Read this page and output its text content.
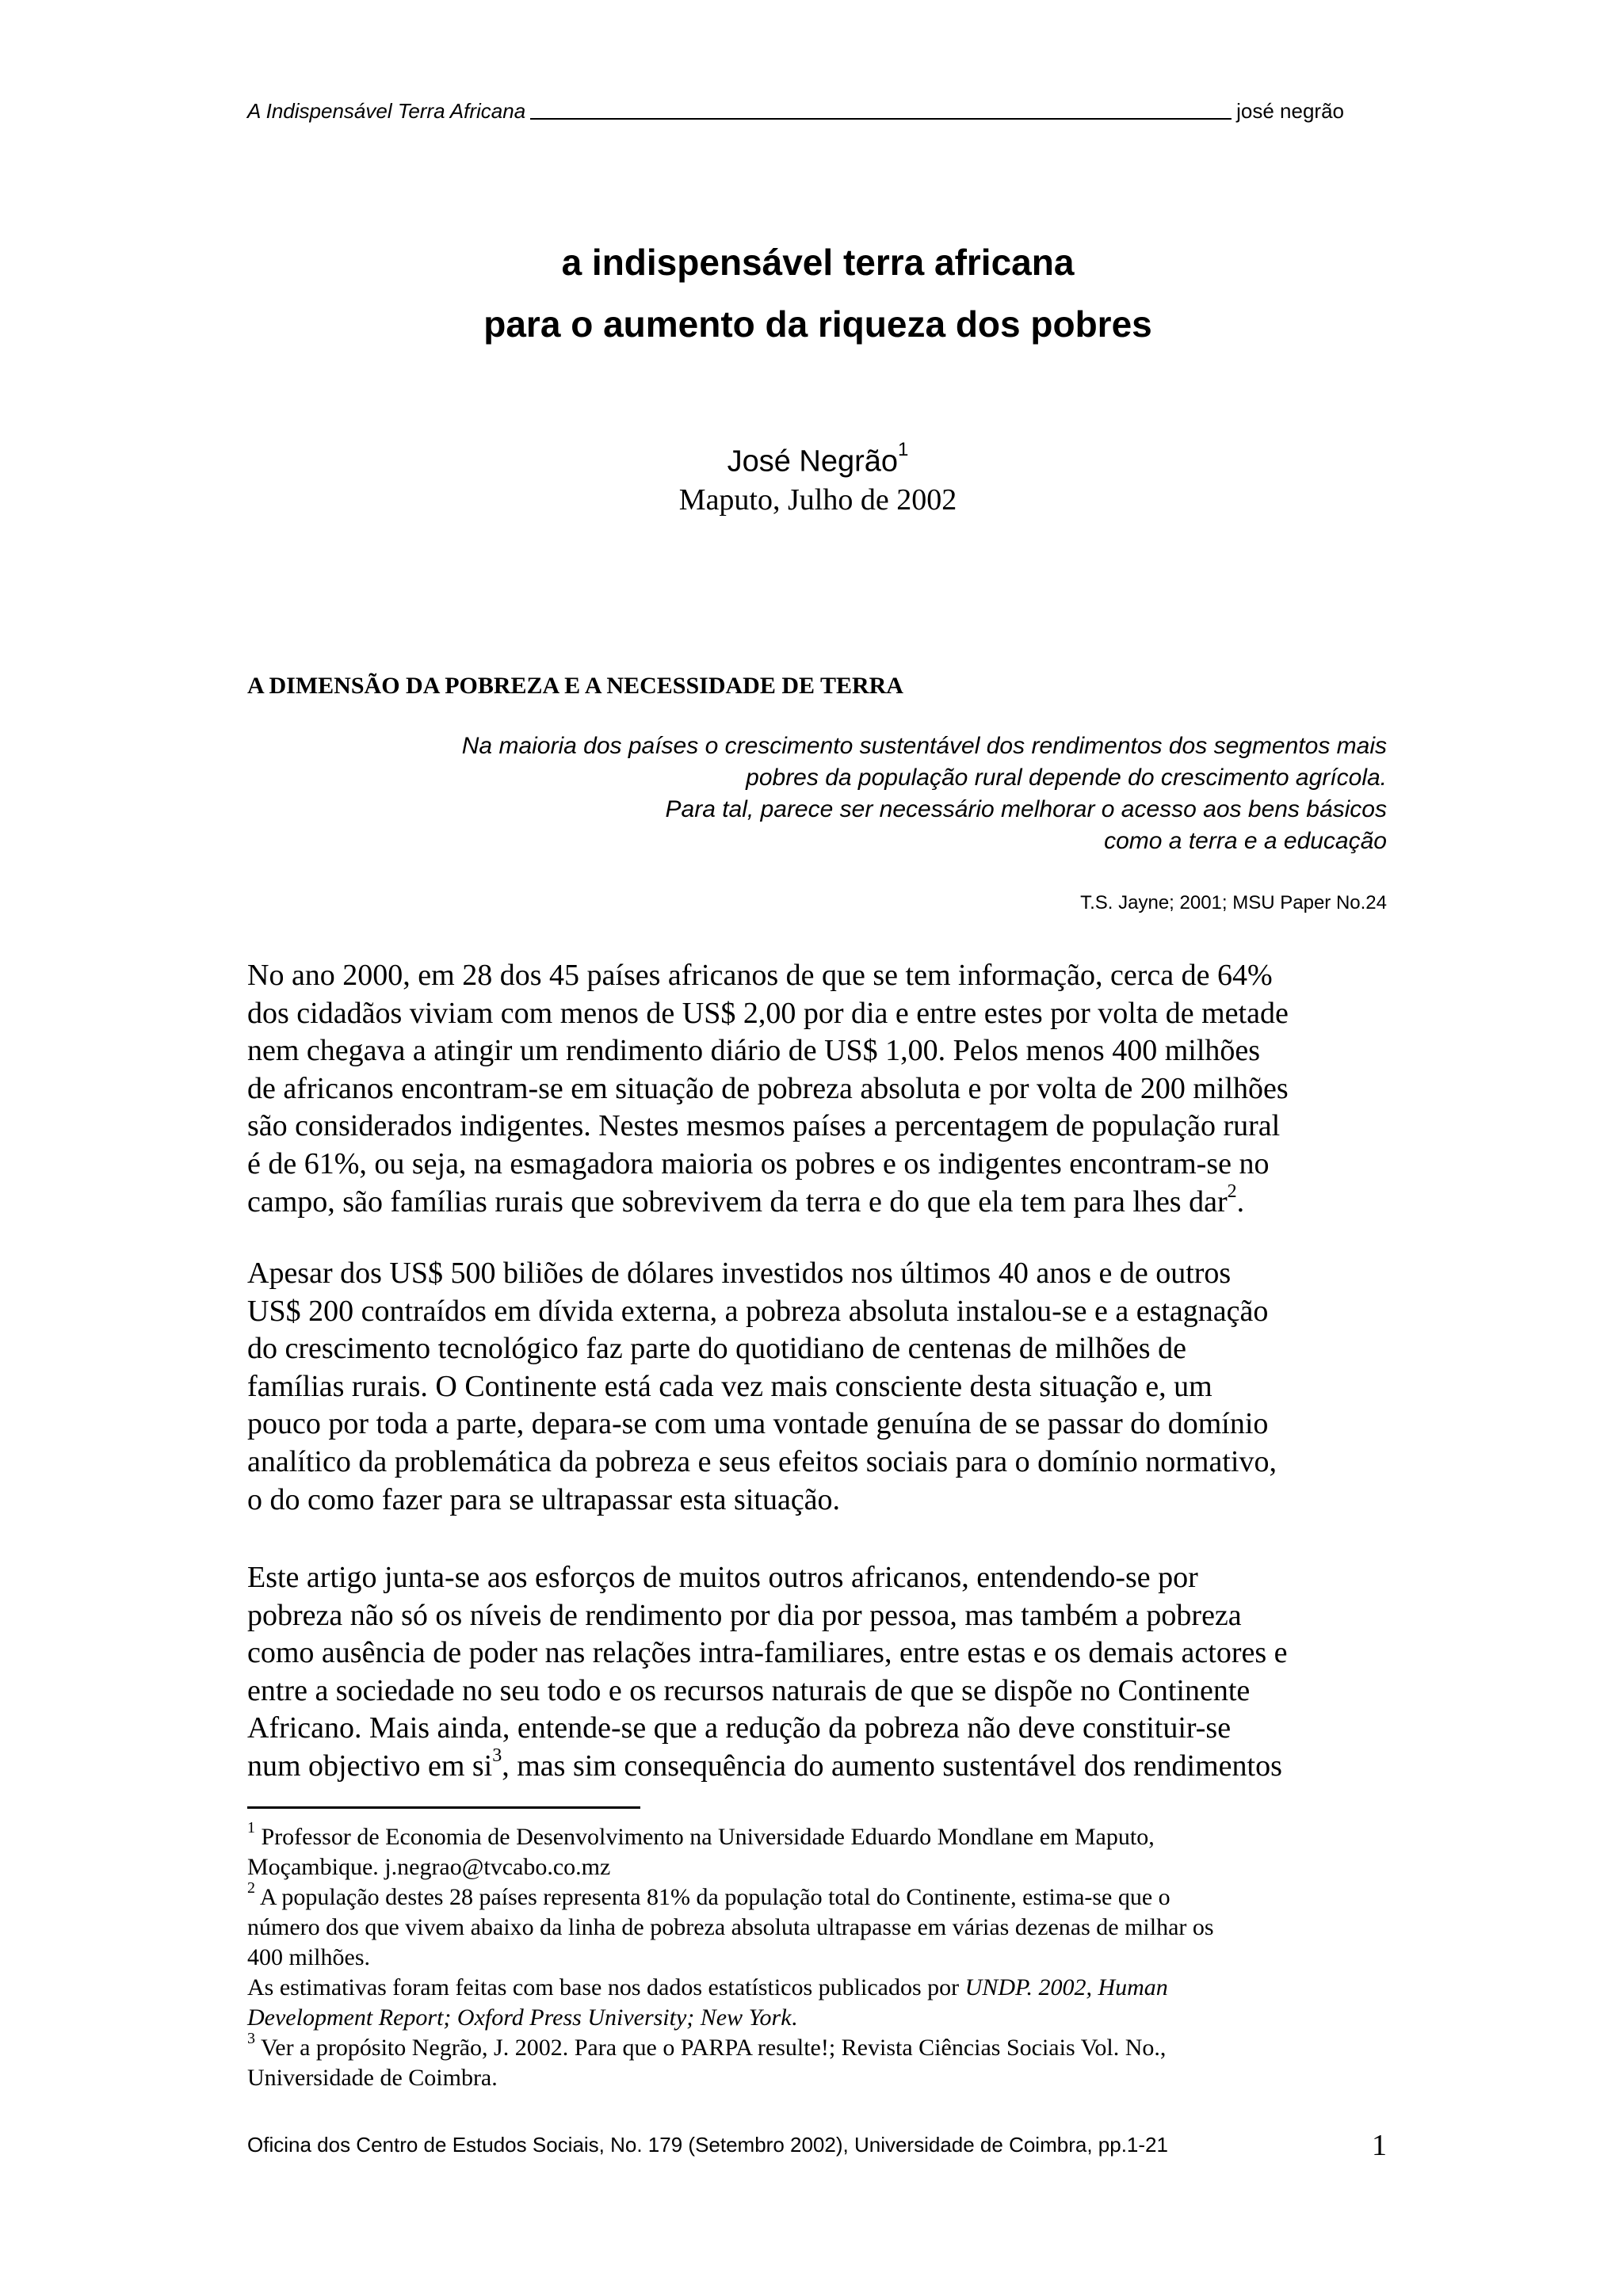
A Indispensável Terra Africana	josé negrão
a indispensável terra africana
para o aumento da riqueza dos pobres
José Negrão$^1$
Maputo, Julho de 2002
A DIMENSÃO DA POBREZA E A NECESSIDADE DE TERRA
Na maioria dos países o crescimento sustentável dos rendimentos dos segmentos mais
pobres da população rural depende do crescimento agrícola.
Para tal, parece ser necessário melhorar o acesso aos bens básicos
como a terra e a educação
T.S. Jayne; 2001; MSU Paper No.24
No ano 2000, em 28 dos 45 países africanos de que se tem informação, cerca de 64%
dos cidadãos viviam com menos de US$ 2,00 por dia e entre estes por volta de metade
nem chegava a atingir um rendimento diário de US$ 1,00. Pelos menos 400 milhões
de africanos encontram-se em situação de pobreza absoluta e por volta de 200 milhões
são considerados indigentes. Nestes mesmos países a percentagem de população rural
é de 61%, ou seja, na esmagadora maioria os pobres e os indigentes encontram-se no
campo, são famílias rurais que sobrevivem da terra e do que ela tem para lhes dar$^2$.
Apesar dos US$ 500 biliões de dólares investidos nos últimos 40 anos e de outros
US$ 200 contraídos em dívida externa, a pobreza absoluta instalou-se e a estagnação
do crescimento tecnológico faz parte do quotidiano de centenas de milhões de
famílias rurais. O Continente está cada vez mais consciente desta situação e, um
pouco por toda a parte, depara-se com uma vontade genuína de se passar do domínio
analítico da problemática da pobreza e seus efeitos sociais para o domínio normativo,
o do como fazer para se ultrapassar esta situação.
Este artigo junta-se aos esforços de muitos outros africanos, entendendo-se por
pobreza não só os níveis de rendimento por dia por pessoa, mas também a pobreza
como ausência de poder nas relações intra-familiares, entre estas e os demais actores e
entre a sociedade no seu todo e os recursos naturais de que se dispõe no Continente
Africano. Mais ainda, entende-se que a redução da pobreza não deve constituir-se
num objectivo em $si^3$, mas sim consequência do aumento sustentável dos rendimentos
$^1$ Professor de Economia de Desenvolvimento na Universidade Eduardo Mondlane em Maputo,
Moçambique. j.negrao@tvcabo.co.mz
$^2$ A população destes 28 países representa 81% da população total do Continente, estima-se que o
número dos que vivem abaixo da linha de pobreza absoluta ultrapasse em várias dezenas de milhar os
400 milhões.
As estimativas foram feitas com base nos dados estatísticos publicados por UNDP. 2002, Human
Development Report; Oxford Press University; New York.
$^3$ Ver a propósito Negrão, J. 2002. Para que o PARPA resulte!; Revista Ciências Sociais Vol. No.,
Universidade de Coimbra.
Oficina dos Centro de Estudos Sociais, No. 179 (Setembro 2002), Universidade de Coimbra, pp.1-21	1
